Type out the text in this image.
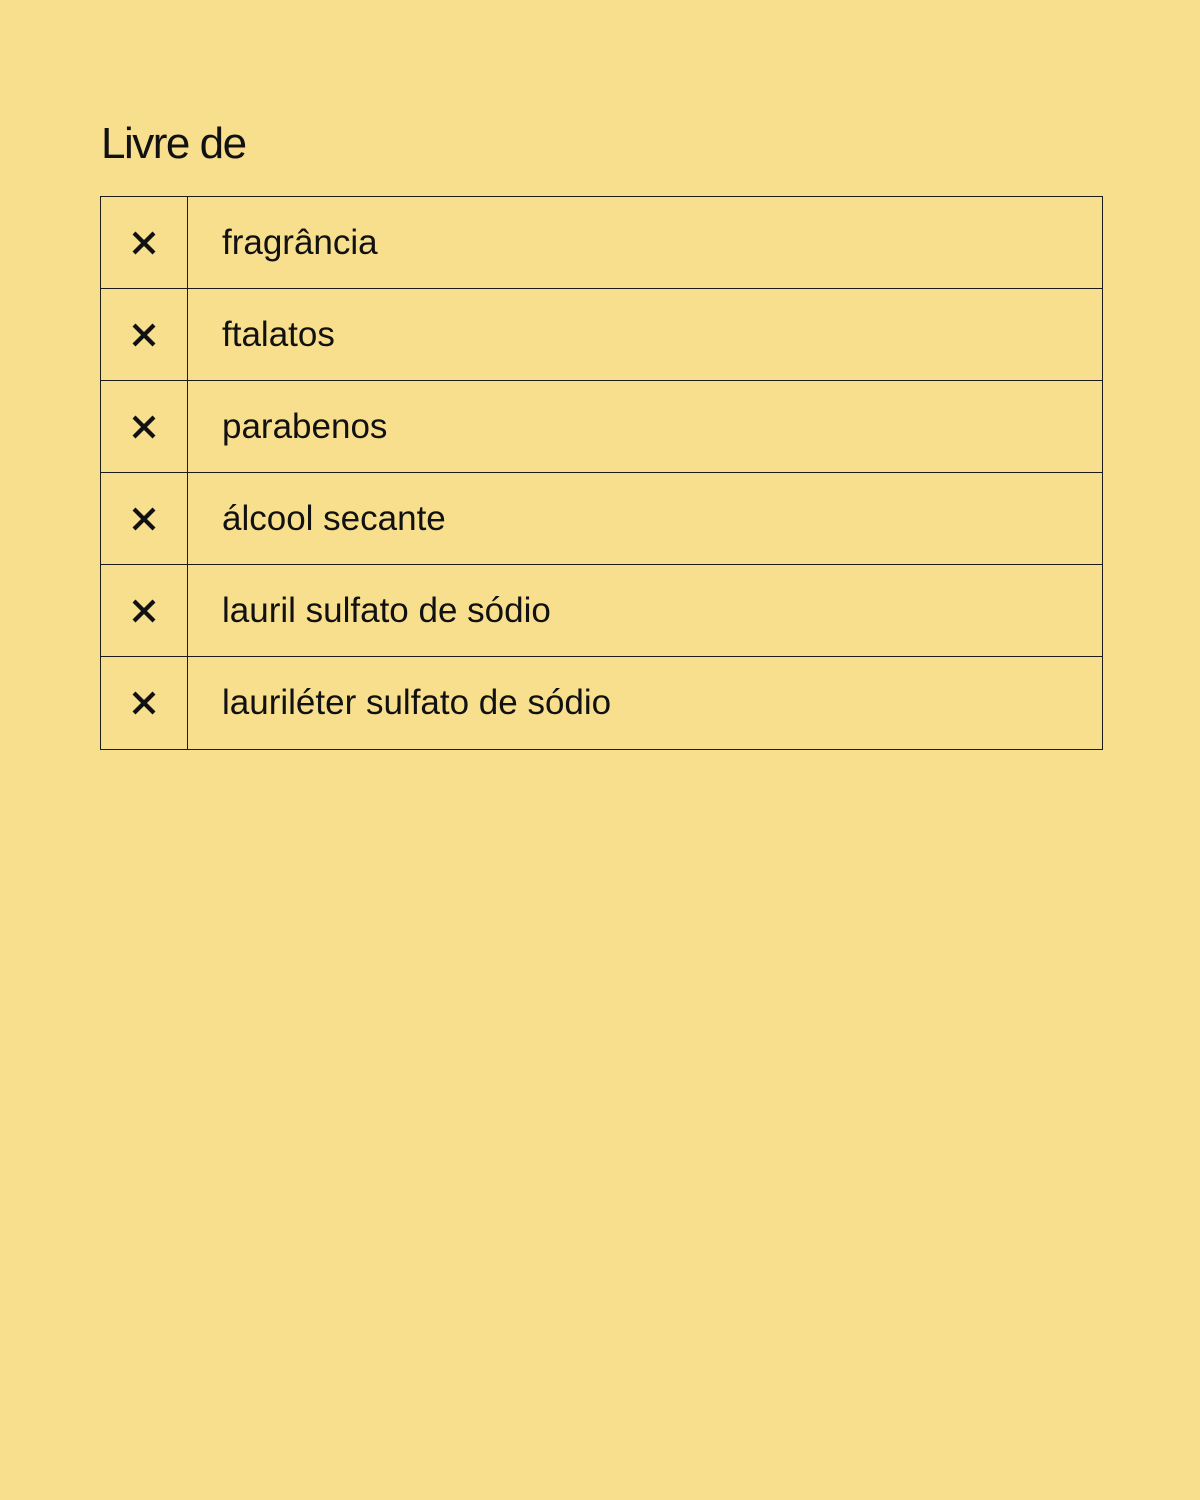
Livre de
fragrância
ftalatos
parabenos
álcool secante
lauril sulfato de sódio
lauriléter sulfato de sódio
